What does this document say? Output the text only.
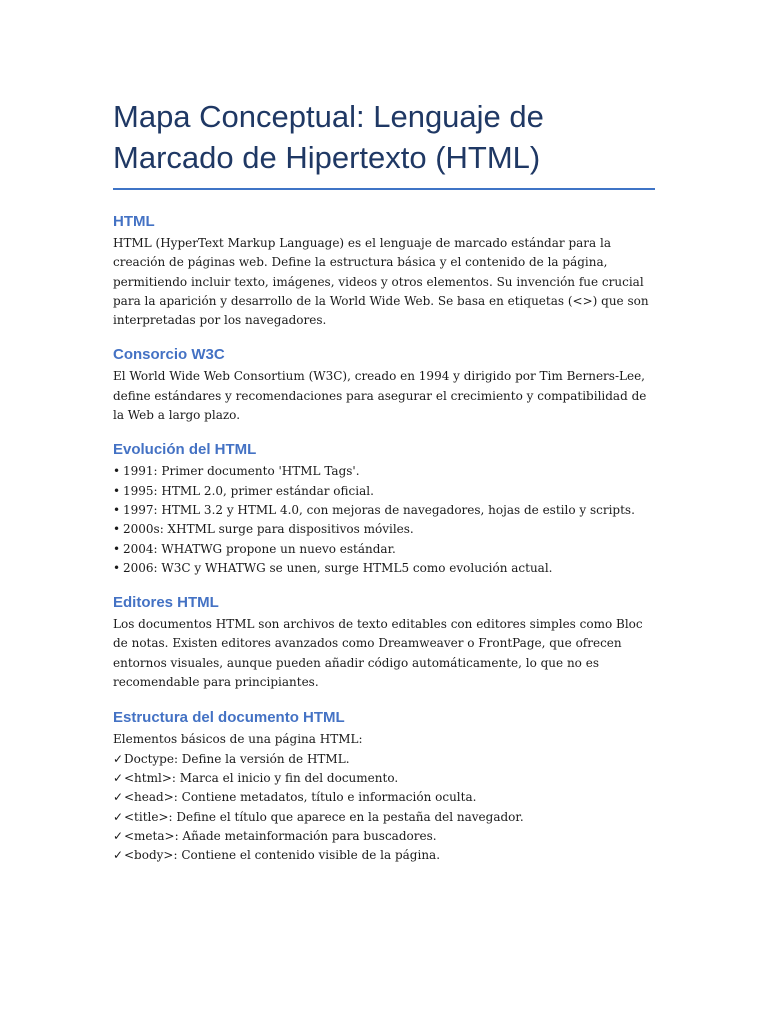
Mapa Conceptual: Lenguaje de
Marcado de Hipertexto (HTML)
HTML

HTML (HyperText Markup Language) es el lenguaje de marcado estándar para la creación de páginas web. Define la estructura básica y el contenido de la página, permitiendo incluir texto, imágenes, videos y otros elementos. Su invención fue crucial para la aparición y desarrollo de la World Wide Web. Se basa en etiquetas (<>) que son interpretadas por los navegadores.

Consorcio W3C

El World Wide Web Consortium (W3C), creado en 1994 y dirigido por Tim Berners-Lee, define estándares y recomendaciones para asegurar el crecimiento y compatibilidad de la Web a largo plazo.

Evolución del HTML
• 1991: Primer documento 'HTML Tags'.
• 1995: HTML 2.0, primer estándar oficial.
• 1997: HTML 3.2 y HTML 4.0, con mejoras de navegadores, hojas de estilo y scripts.
• 2000s: XHTML surge para dispositivos móviles.
• 2004: WHATWG propone un nuevo estándar.
• 2006: W3C y WHATWG se unen, surge HTML5 como evolución actual.
Editores HTML

Los documentos HTML son archivos de texto editables con editores simples como Bloc de notas. Existen editores avanzados como Dreamweaver o FrontPage, que ofrecen entornos visuales, aunque pueden añadir código automáticamente, lo que no es recomendable para principiantes.

Estructura del documento HTML

Elementos básicos de una página HTML:

✓Doctype: Define la versión de HTML.
✓<html>: Marca el inicio y fin del documento.
✓<head>: Contiene metadatos, título e información oculta.
✓<title>: Define el título que aparece en la pestaña del navegador.
✓<meta>: Añade metainformación para buscadores.
✓<body>: Contiene el contenido visible de la página.
